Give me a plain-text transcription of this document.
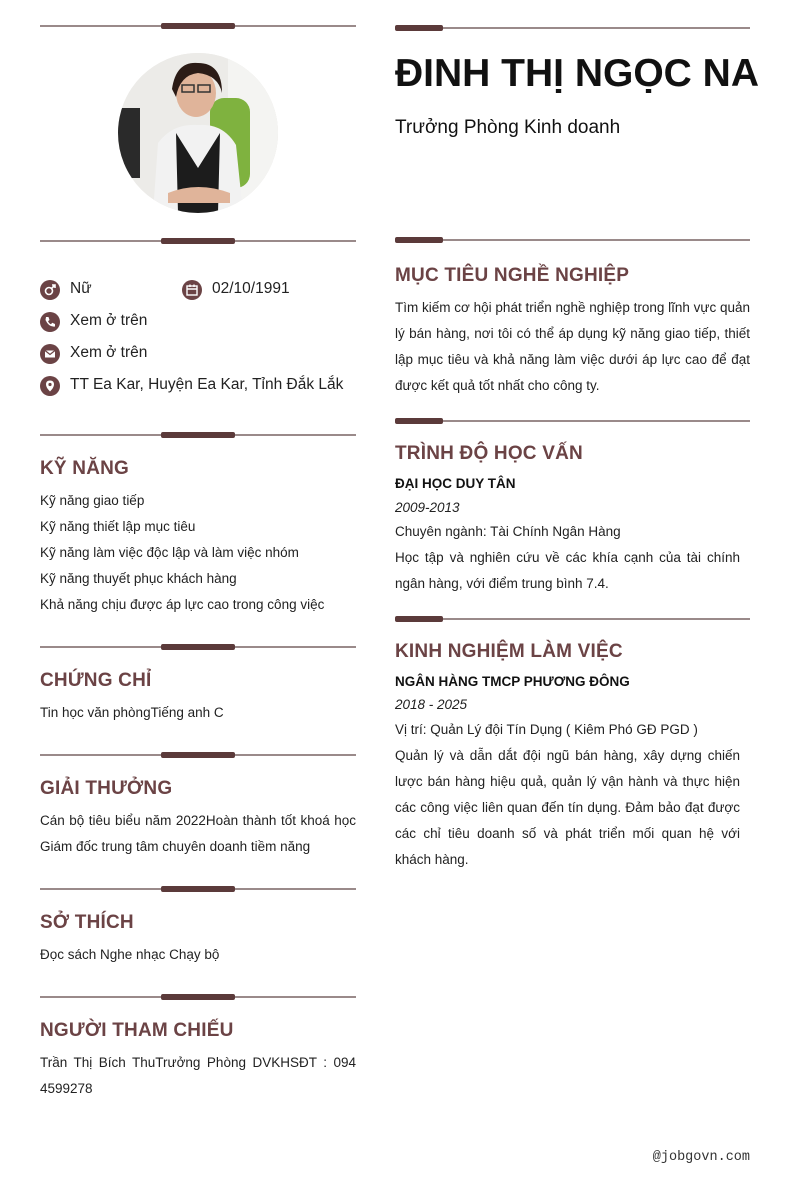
Nữ	02/10/1991
Xem ở trên
Xem ở trên
TT Ea Kar, Huyện Ea Kar, Tỉnh Đắk Lắk
KỸ NĂNG
Kỹ năng giao tiếp
Kỹ năng thiết lập mục tiêu
Kỹ năng làm việc độc lập và làm việc nhóm
Kỹ năng thuyết phục khách hàng
Khả năng chịu được áp lực cao trong công việc
CHỨNG CHỈ
Tin học văn phòngTiếng anh C
GIẢI THƯỞNG
Cán bộ tiêu biểu năm 2022Hoàn thành tốt khoá học Giám đốc trung tâm chuyên doanh tiềm năng
SỞ THÍCH
Đọc sách Nghe nhạc Chạy bộ
NGƯỜI THAM CHIẾU
Trần Thị Bích ThuTrưởng Phòng DVKHSĐT : 094 4599278
ĐINH THỊ NGỌC NA
Trưởng Phòng Kinh doanh
MỤC TIÊU NGHỀ NGHIỆP
Tìm kiếm cơ hội phát triển nghề nghiệp trong lĩnh vực quản lý bán hàng, nơi tôi có thể áp dụng kỹ năng giao tiếp, thiết lập mục tiêu và khả năng làm việc dưới áp lực cao để đạt được kết quả tốt nhất cho công ty.
TRÌNH ĐỘ HỌC VẤN
ĐẠI HỌC DUY TÂN
2009-2013
Chuyên ngành: Tài Chính Ngân Hàng
Học tập và nghiên cứu về các khía cạnh của tài chính ngân hàng, với điểm trung bình 7.4.
KINH NGHIỆM LÀM VIỆC
NGÂN HÀNG TMCP PHƯƠNG ĐÔNG
2018 - 2025
Vị trí: Quản Lý đội Tín Dụng ( Kiêm Phó GĐ PGD )
Quản lý và dẫn dắt đội ngũ bán hàng, xây dựng chiến lược bán hàng hiệu quả, quản lý vận hành và thực hiện các công việc liên quan đến tín dụng. Đảm bảo đạt được các chỉ tiêu doanh số và phát triển mối quan hệ với khách hàng.
@jobgovn.com
